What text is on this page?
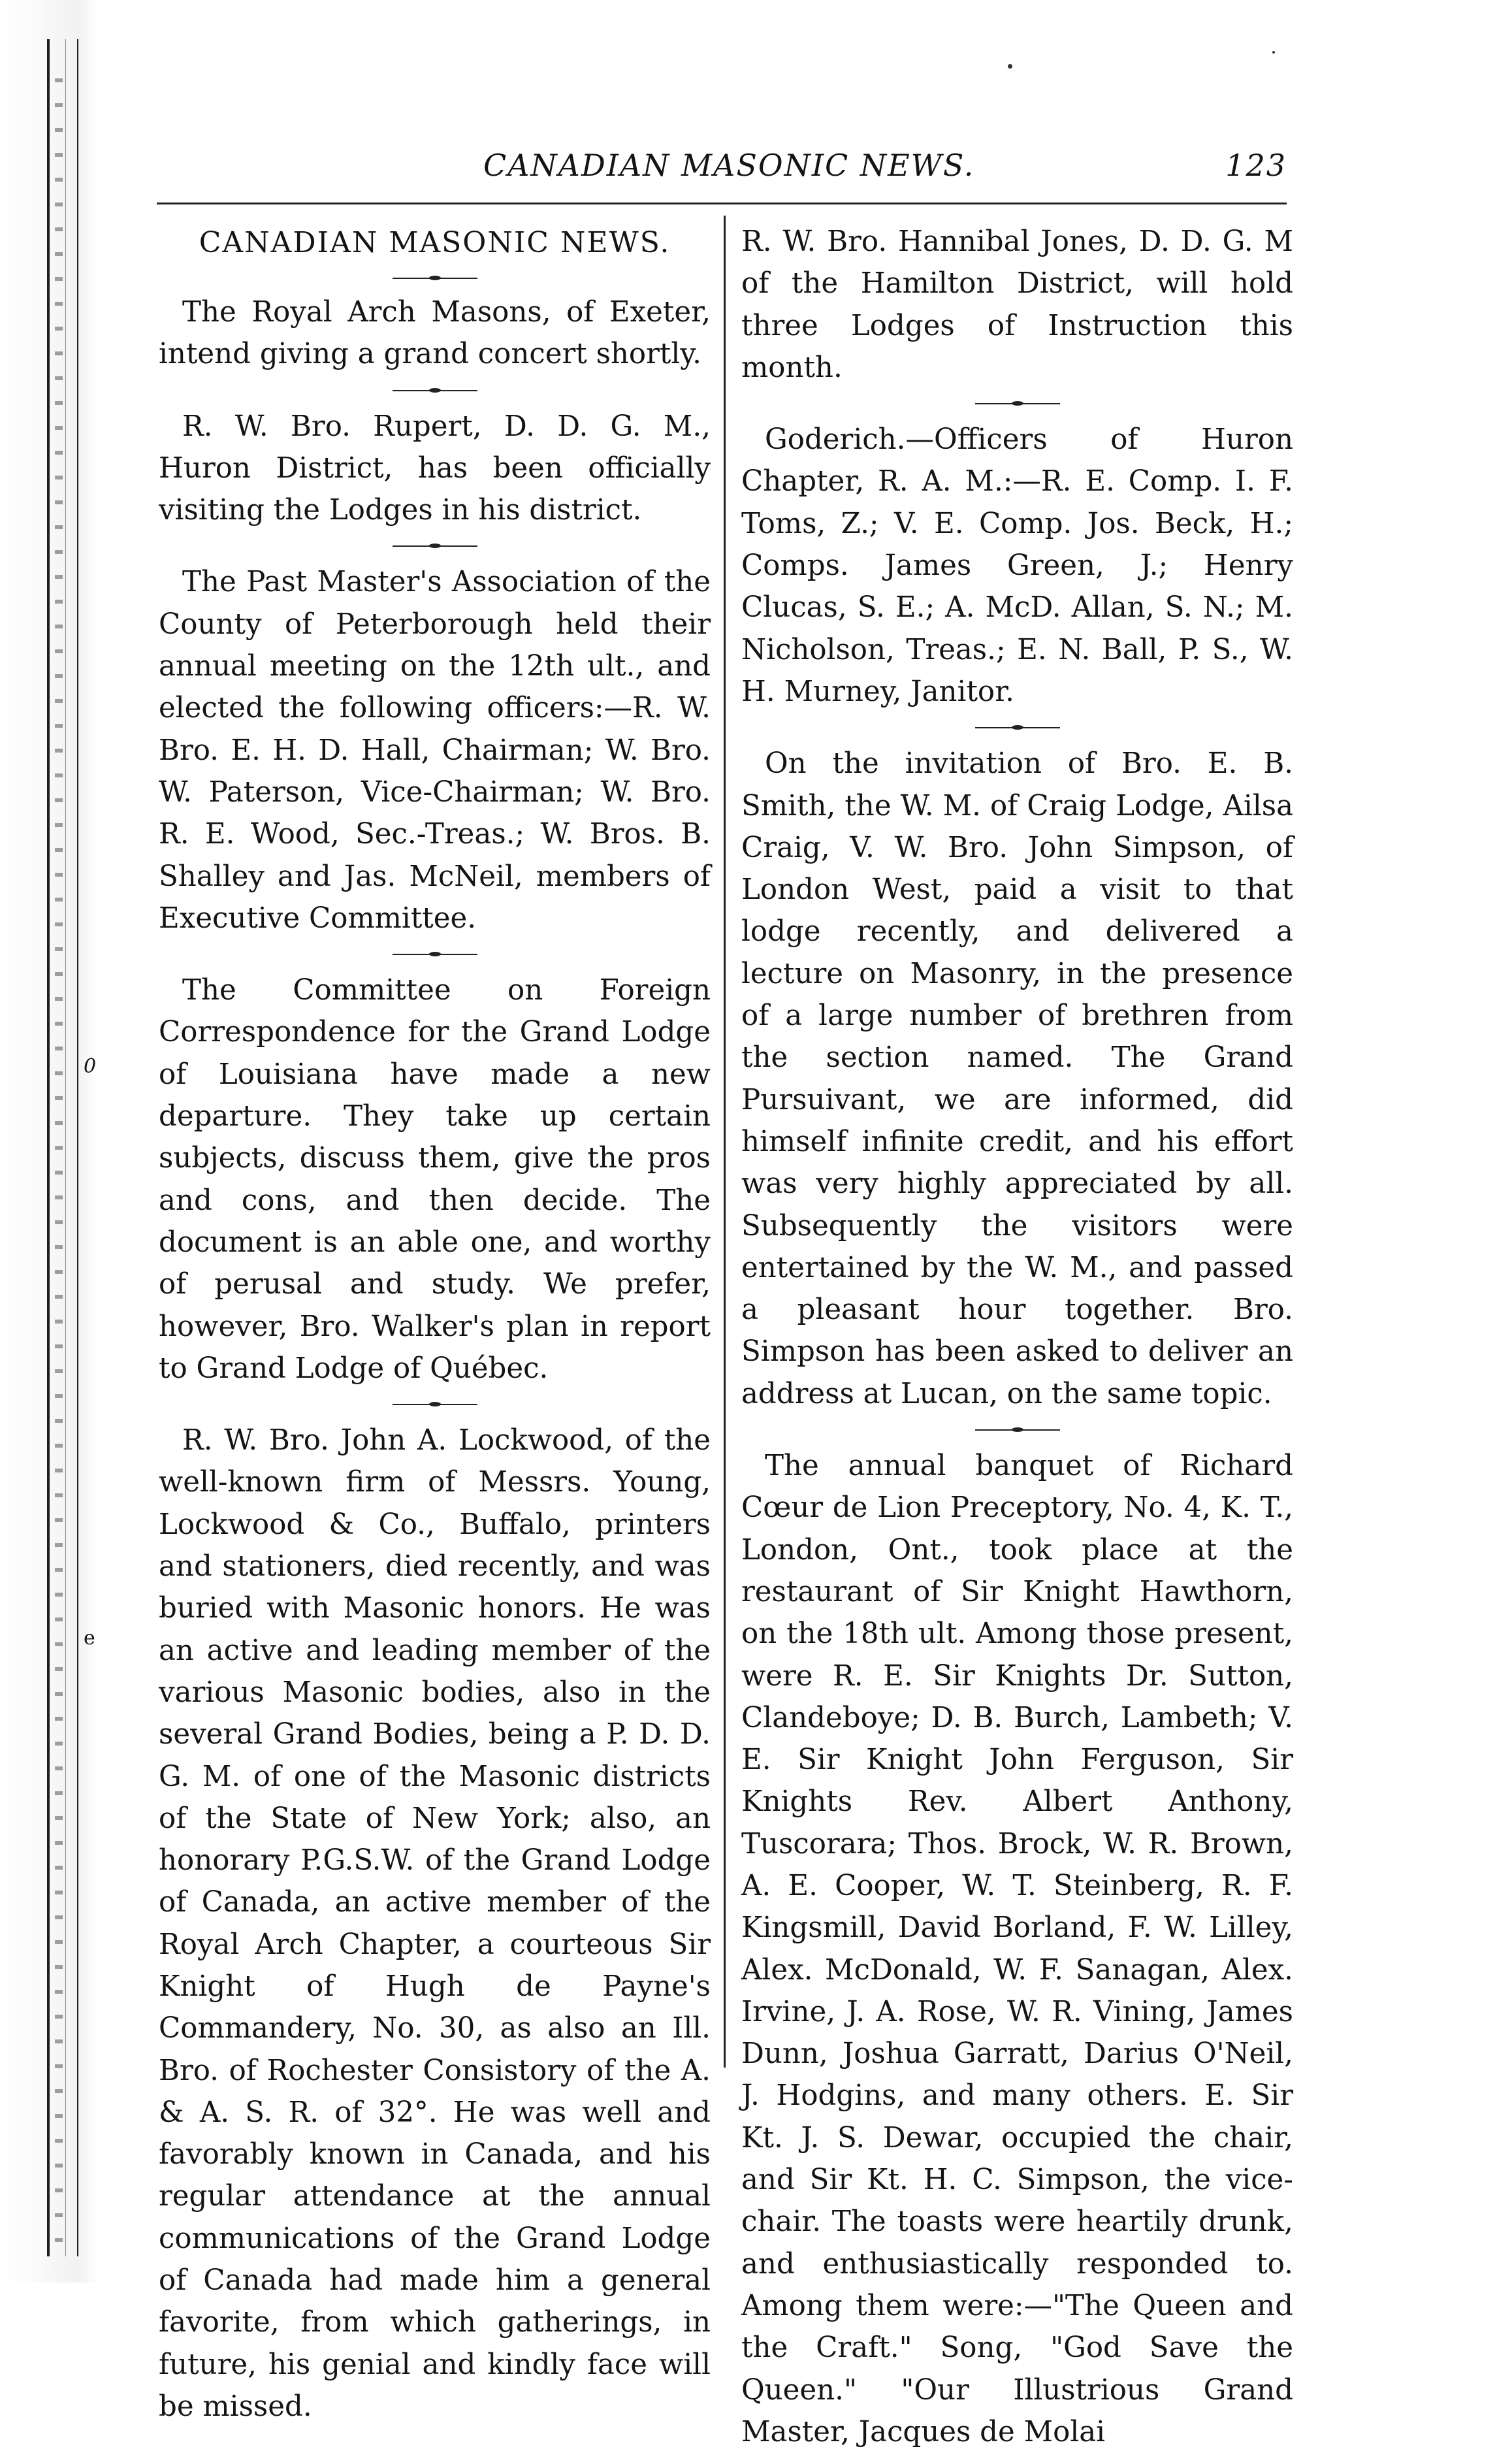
0
e
CANADIAN MASONIC NEWS.	123

CANADIAN MASONIC NEWS.

The Royal Arch Masons, of Exeter, intend giving a grand concert shortly.

R. W. Bro. Rupert, D. D. G. M., Huron District, has been officially visiting the Lodges in his district.

The Past Master's Association of the County of Peterborough held their annual meeting on the 12th ult., and elected the following officers:—R. W. Bro. E. H. D. Hall, Chairman; W. Bro. W. Paterson, Vice-Chairman; W. Bro. R. E. Wood, Sec.-Treas.; W. Bros. B. Shalley and Jas. McNeil, members of Executive Committee.

The Committee on Foreign Correspondence for the Grand Lodge of Louisiana have made a new departure. They take up certain subjects, discuss them, give the pros and cons, and then decide. The document is an able one, and worthy of perusal and study. We prefer, however, Bro. Walker's plan in report to Grand Lodge of Québec.

R. W. Bro. John A. Lockwood, of the well-known firm of Messrs. Young, Lockwood & Co., Buffalo, printers and stationers, died recently, and was buried with Masonic honors. He was an active and leading member of the various Masonic bodies, also in the several Grand Bodies, being a P. D. D. G. M. of one of the Masonic districts of the State of New York; also, an honorary P.G.S.W. of the Grand Lodge of Canada, an active member of the Royal Arch Chapter, a courteous Sir Knight of Hugh de Payne's Commandery, No. 30, as also an Ill. Bro. of Rochester Consistory of the A. & A. S. R. of 32°. He was well and favorably known in Canada, and his regular attendance at the annual communications of the Grand Lodge of Canada had made him a general favorite, from which gatherings, in future, his genial and kindly face will be missed.

R. W. Bro. Hannibal Jones, D. D. G. M of the Hamilton District, will hold three Lodges of Instruction this month.

Goderich.—Officers of Huron Chapter, R. A. M.:—R. E. Comp. I. F. Toms, Z.; V. E. Comp. Jos. Beck, H.; Comps. James Green, J.; Henry Clucas, S. E.; A. McD. Allan, S. N.; M. Nicholson, Treas.; E. N. Ball, P. S., W. H. Murney, Janitor.

On the invitation of Bro. E. B. Smith, the W. M. of Craig Lodge, Ailsa Craig, V. W. Bro. John Simpson, of London West, paid a visit to that lodge recently, and delivered a lecture on Masonry, in the presence of a large number of brethren from the section named. The Grand Pursuivant, we are informed, did himself infinite credit, and his effort was very highly appreciated by all. Subsequently the visitors were entertained by the W. M., and passed a pleasant hour together. Bro. Simpson has been asked to deliver an address at Lucan, on the same topic.

The annual banquet of Richard Cœur de Lion Preceptory, No. 4, K. T., London, Ont., took place at the restaurant of Sir Knight Hawthorn, on the 18th ult. Among those present, were R. E. Sir Knights Dr. Sutton, Clandeboye; D. B. Burch, Lambeth; V. E. Sir Knight John Ferguson, Sir Knights Rev. Albert Anthony, Tuscorara; Thos. Brock, W. R. Brown, A. E. Cooper, W. T. Steinberg, R. F. Kingsmill, David Borland, F. W. Lilley, Alex. McDonald, W. F. Sanagan, Alex. Irvine, J. A. Rose, W. R. Vining, James Dunn, Joshua Garratt, Darius O'Neil, J. Hodgins, and many others. E. Sir Kt. J. S. Dewar, occupied the chair, and Sir Kt. H. C. Simpson, the vice-chair. The toasts were heartily drunk, and enthusiastically responded to. Among them were:—"The Queen and the Craft." Song, "God Save the Queen." "Our Illustrious Grand Master, Jacques de Molai
